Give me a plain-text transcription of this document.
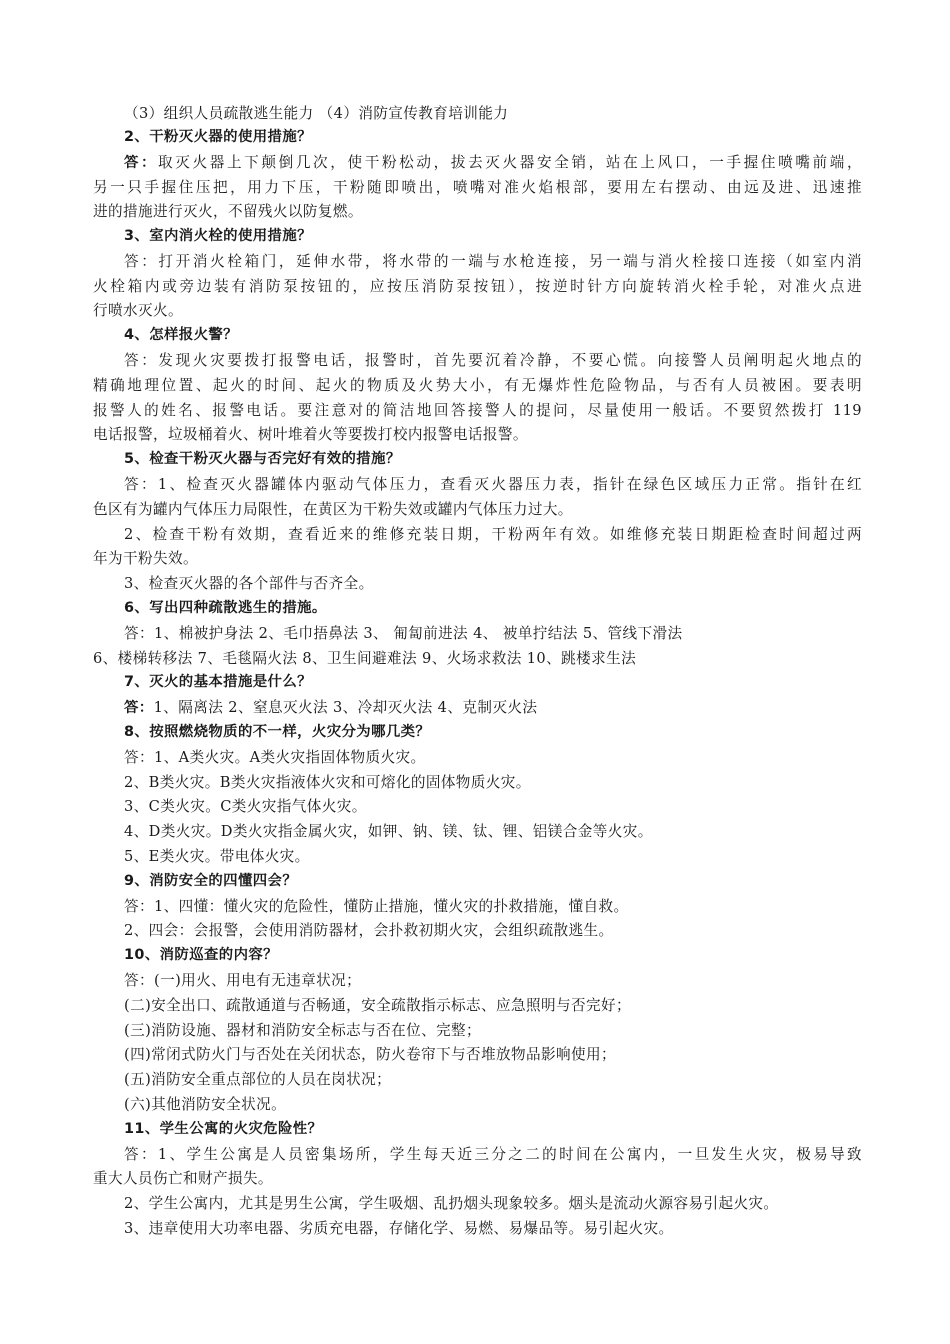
（3）组织人员疏散逃生能力 （4）消防宣传教育培训能力
2、干粉灭火器的使用措施？
答：取灭火器上下颠倒几次，使干粉松动，拔去灭火器安全销，站在上风口，一手握住喷嘴前端，
另一只手握住压把，用力下压，干粉随即喷出，喷嘴对准火焰根部，要用左右摆动、由远及进、迅速推
进的措施进行灭火，不留残火以防复燃。
3、室内消火栓的使用措施？
答：打开消火栓箱门，延伸水带，将水带的一端与水枪连接，另一端与消火栓接口连接（如室内消
火栓箱内或旁边装有消防泵按钮的，应按压消防泵按钮），按逆时针方向旋转消火栓手轮，对准火点进
行喷水灭火。
4、怎样报火警？
答：发现火灾要拨打报警电话，报警时，首先要沉着冷静，不要心慌。向接警人员阐明起火地点的
精确地理位置、起火的时间、起火的物质及火势大小，有无爆炸性危险物品，与否有人员被困。要表明
报警人的姓名、报警电话。要注意对的简洁地回答接警人的提问，尽量使用一般话。不要贸然拨打 119
电话报警，垃圾桶着火、树叶堆着火等要拨打校内报警电话报警。
5、检查干粉灭火器与否完好有效的措施？
答：1、检查灭火器罐体内驱动气体压力，查看灭火器压力表，指针在绿色区域压力正常。指针在红
色区有为罐内气体压力局限性，在黄区为干粉失效或罐内气体压力过大。
2、检查干粉有效期，查看近来的维修充装日期，干粉两年有效。如维修充装日期距检查时间超过两
年为干粉失效。
3、检查灭火器的各个部件与否齐全。
6、写出四种疏散逃生的措施。
答：1、棉被护身法 2、毛巾捂鼻法 3、 匍匐前进法 4、 被单拧结法 5、管线下滑法
6、楼梯转移法 7、毛毯隔火法 8、卫生间避难法 9、火场求救法 10、跳楼求生法
7、灭火的基本措施是什么？
答：1、隔离法 2、窒息灭火法 3、冷却灭火法 4、克制灭火法
8、按照燃烧物质的不一样，火灾分为哪几类？
答：1、A类火灾。A类火灾指固体物质火灾。
2、B类火灾。B类火灾指液体火灾和可熔化的固体物质火灾。
3、C类火灾。C类火灾指气体火灾。
4、D类火灾。D类火灾指金属火灾，如钾、钠、镁、钛、锂、铝镁合金等火灾。
5、E类火灾。带电体火灾。
9、消防安全的四懂四会？
答：1、四懂：懂火灾的危险性，懂防止措施，懂火灾的扑救措施，懂自救。
2、四会：会报警，会使用消防器材，会扑救初期火灾，会组织疏散逃生。
10、消防巡查的内容？
答：(一)用火、用电有无违章状况；
(二)安全出口、疏散通道与否畅通，安全疏散指示标志、应急照明与否完好；
(三)消防设施、器材和消防安全标志与否在位、完整；
(四)常闭式防火门与否处在关闭状态，防火卷帘下与否堆放物品影响使用；
(五)消防安全重点部位的人员在岗状况；
(六)其他消防安全状况。
11、学生公寓的火灾危险性？
答：1、学生公寓是人员密集场所，学生每天近三分之二的时间在公寓内，一旦发生火灾，极易导致
重大人员伤亡和财产损失。
2、学生公寓内，尤其是男生公寓，学生吸烟、乱扔烟头现象较多。烟头是流动火源容易引起火灾。
3、违章使用大功率电器、劣质充电器，存储化学、易燃、易爆品等。易引起火灾。
